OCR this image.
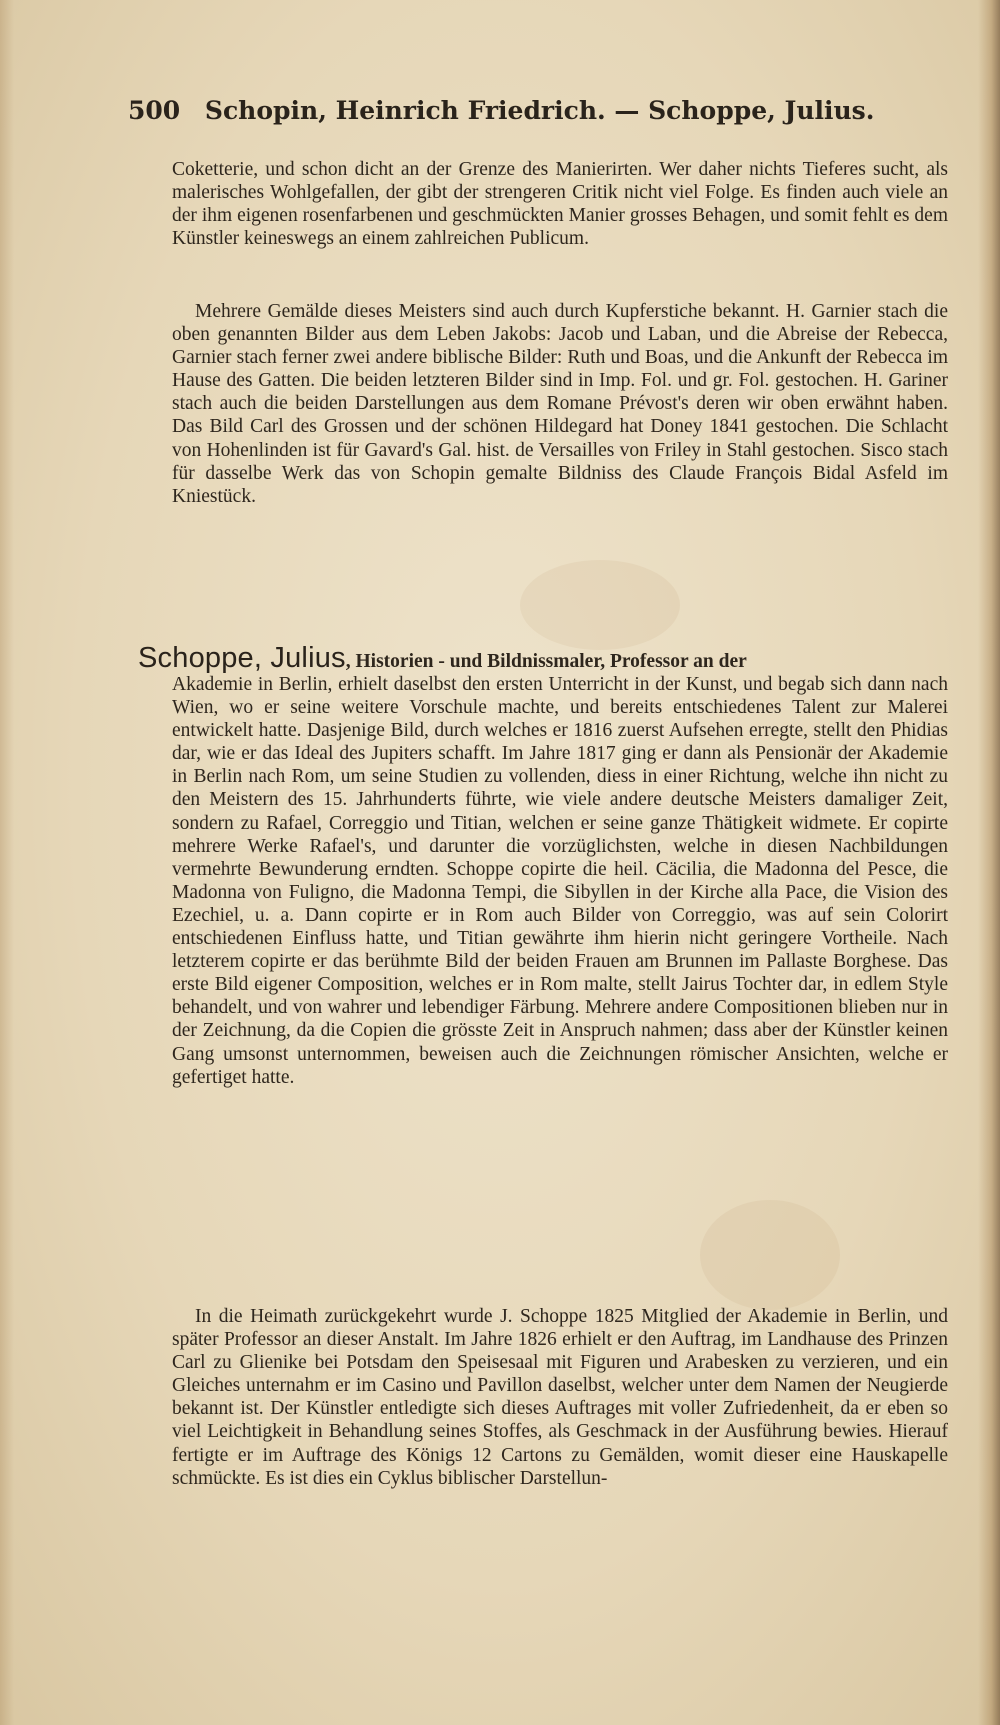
500 Schopin, Heinrich Friedrich. — Schoppe, Julius.
Coketterie, und schon dicht an der Grenze des Manierirten. Wer daher nichts Tieferes sucht, als malerisches Wohlgefallen, der gibt der strengeren Critik nicht viel Folge. Es finden auch viele an der ihm eigenen rosenfarbenen und geschmückten Manier grosses Behagen, und somit fehlt es dem Künstler keineswegs an einem zahlreichen Publicum.
Mehrere Gemälde dieses Meisters sind auch durch Kupferstiche bekannt. H. Garnier stach die oben genannten Bilder aus dem Leben Jakobs: Jacob und Laban, und die Abreise der Rebecca, Garnier stach ferner zwei andere biblische Bilder: Ruth und Boas, und die Ankunft der Rebecca im Hause des Gatten. Die beiden letzteren Bilder sind in Imp. Fol. und gr. Fol. gestochen. H. Gariner stach auch die beiden Darstellungen aus dem Romane Prévost's deren wir oben erwähnt haben. Das Bild Carl des Grossen und der schönen Hildegard hat Doney 1841 gestochen. Die Schlacht von Hohenlinden ist für Gavard's Gal. hist. de Versailles von Friley in Stahl gestochen. Sisco stach für dasselbe Werk das von Schopin gemalte Bildniss des Claude François Bidal Asfeld im Kniestück.
Schoppe, Julius, Historien - und Bildnissmaler, Professor an der
Akademie in Berlin, erhielt daselbst den ersten Unterricht in der Kunst, und begab sich dann nach Wien, wo er seine weitere Vorschule machte, und bereits entschiedenes Talent zur Malerei entwickelt hatte. Dasjenige Bild, durch welches er 1816 zuerst Aufsehen erregte, stellt den Phidias dar, wie er das Ideal des Jupiters schafft. Im Jahre 1817 ging er dann als Pensionär der Akademie in Berlin nach Rom, um seine Studien zu vollenden, diess in einer Richtung, welche ihn nicht zu den Meistern des 15. Jahrhunderts führte, wie viele andere deutsche Meisters damaliger Zeit, sondern zu Rafael, Correggio und Titian, welchen er seine ganze Thätigkeit widmete. Er copirte mehrere Werke Rafael's, und darunter die vorzüglichsten, welche in diesen Nachbildungen vermehrte Bewunderung erndten. Schoppe copirte die heil. Cäcilia, die Madonna del Pesce, die Madonna von Fuligno, die Madonna Tempi, die Sibyllen in der Kirche alla Pace, die Vision des Ezechiel, u. a. Dann copirte er in Rom auch Bilder von Correggio, was auf sein Colorirt entschiedenen Einfluss hatte, und Titian gewährte ihm hierin nicht geringere Vortheile. Nach letzterem copirte er das berühmte Bild der beiden Frauen am Brunnen im Pallaste Borghese. Das erste Bild eigener Composition, welches er in Rom malte, stellt Jairus Tochter dar, in edlem Style behandelt, und von wahrer und lebendiger Färbung. Mehrere andere Compositionen blieben nur in der Zeichnung, da die Copien die grösste Zeit in Anspruch nahmen; dass aber der Künstler keinen Gang umsonst unternommen, beweisen auch die Zeichnungen römischer Ansichten, welche er gefertiget hatte.
In die Heimath zurückgekehrt wurde J. Schoppe 1825 Mitglied der Akademie in Berlin, und später Professor an dieser Anstalt. Im Jahre 1826 erhielt er den Auftrag, im Landhause des Prinzen Carl zu Glienike bei Potsdam den Speisesaal mit Figuren und Arabesken zu verzieren, und ein Gleiches unternahm er im Casino und Pavillon daselbst, welcher unter dem Namen der Neugierde bekannt ist. Der Künstler entledigte sich dieses Auftrages mit voller Zufriedenheit, da er eben so viel Leichtigkeit in Behandlung seines Stoffes, als Geschmack in der Ausführung bewies. Hierauf fertigte er im Auftrage des Königs 12 Cartons zu Gemälden, womit dieser eine Hauskapelle schmückte. Es ist dies ein Cyklus biblischer Darstellun-
